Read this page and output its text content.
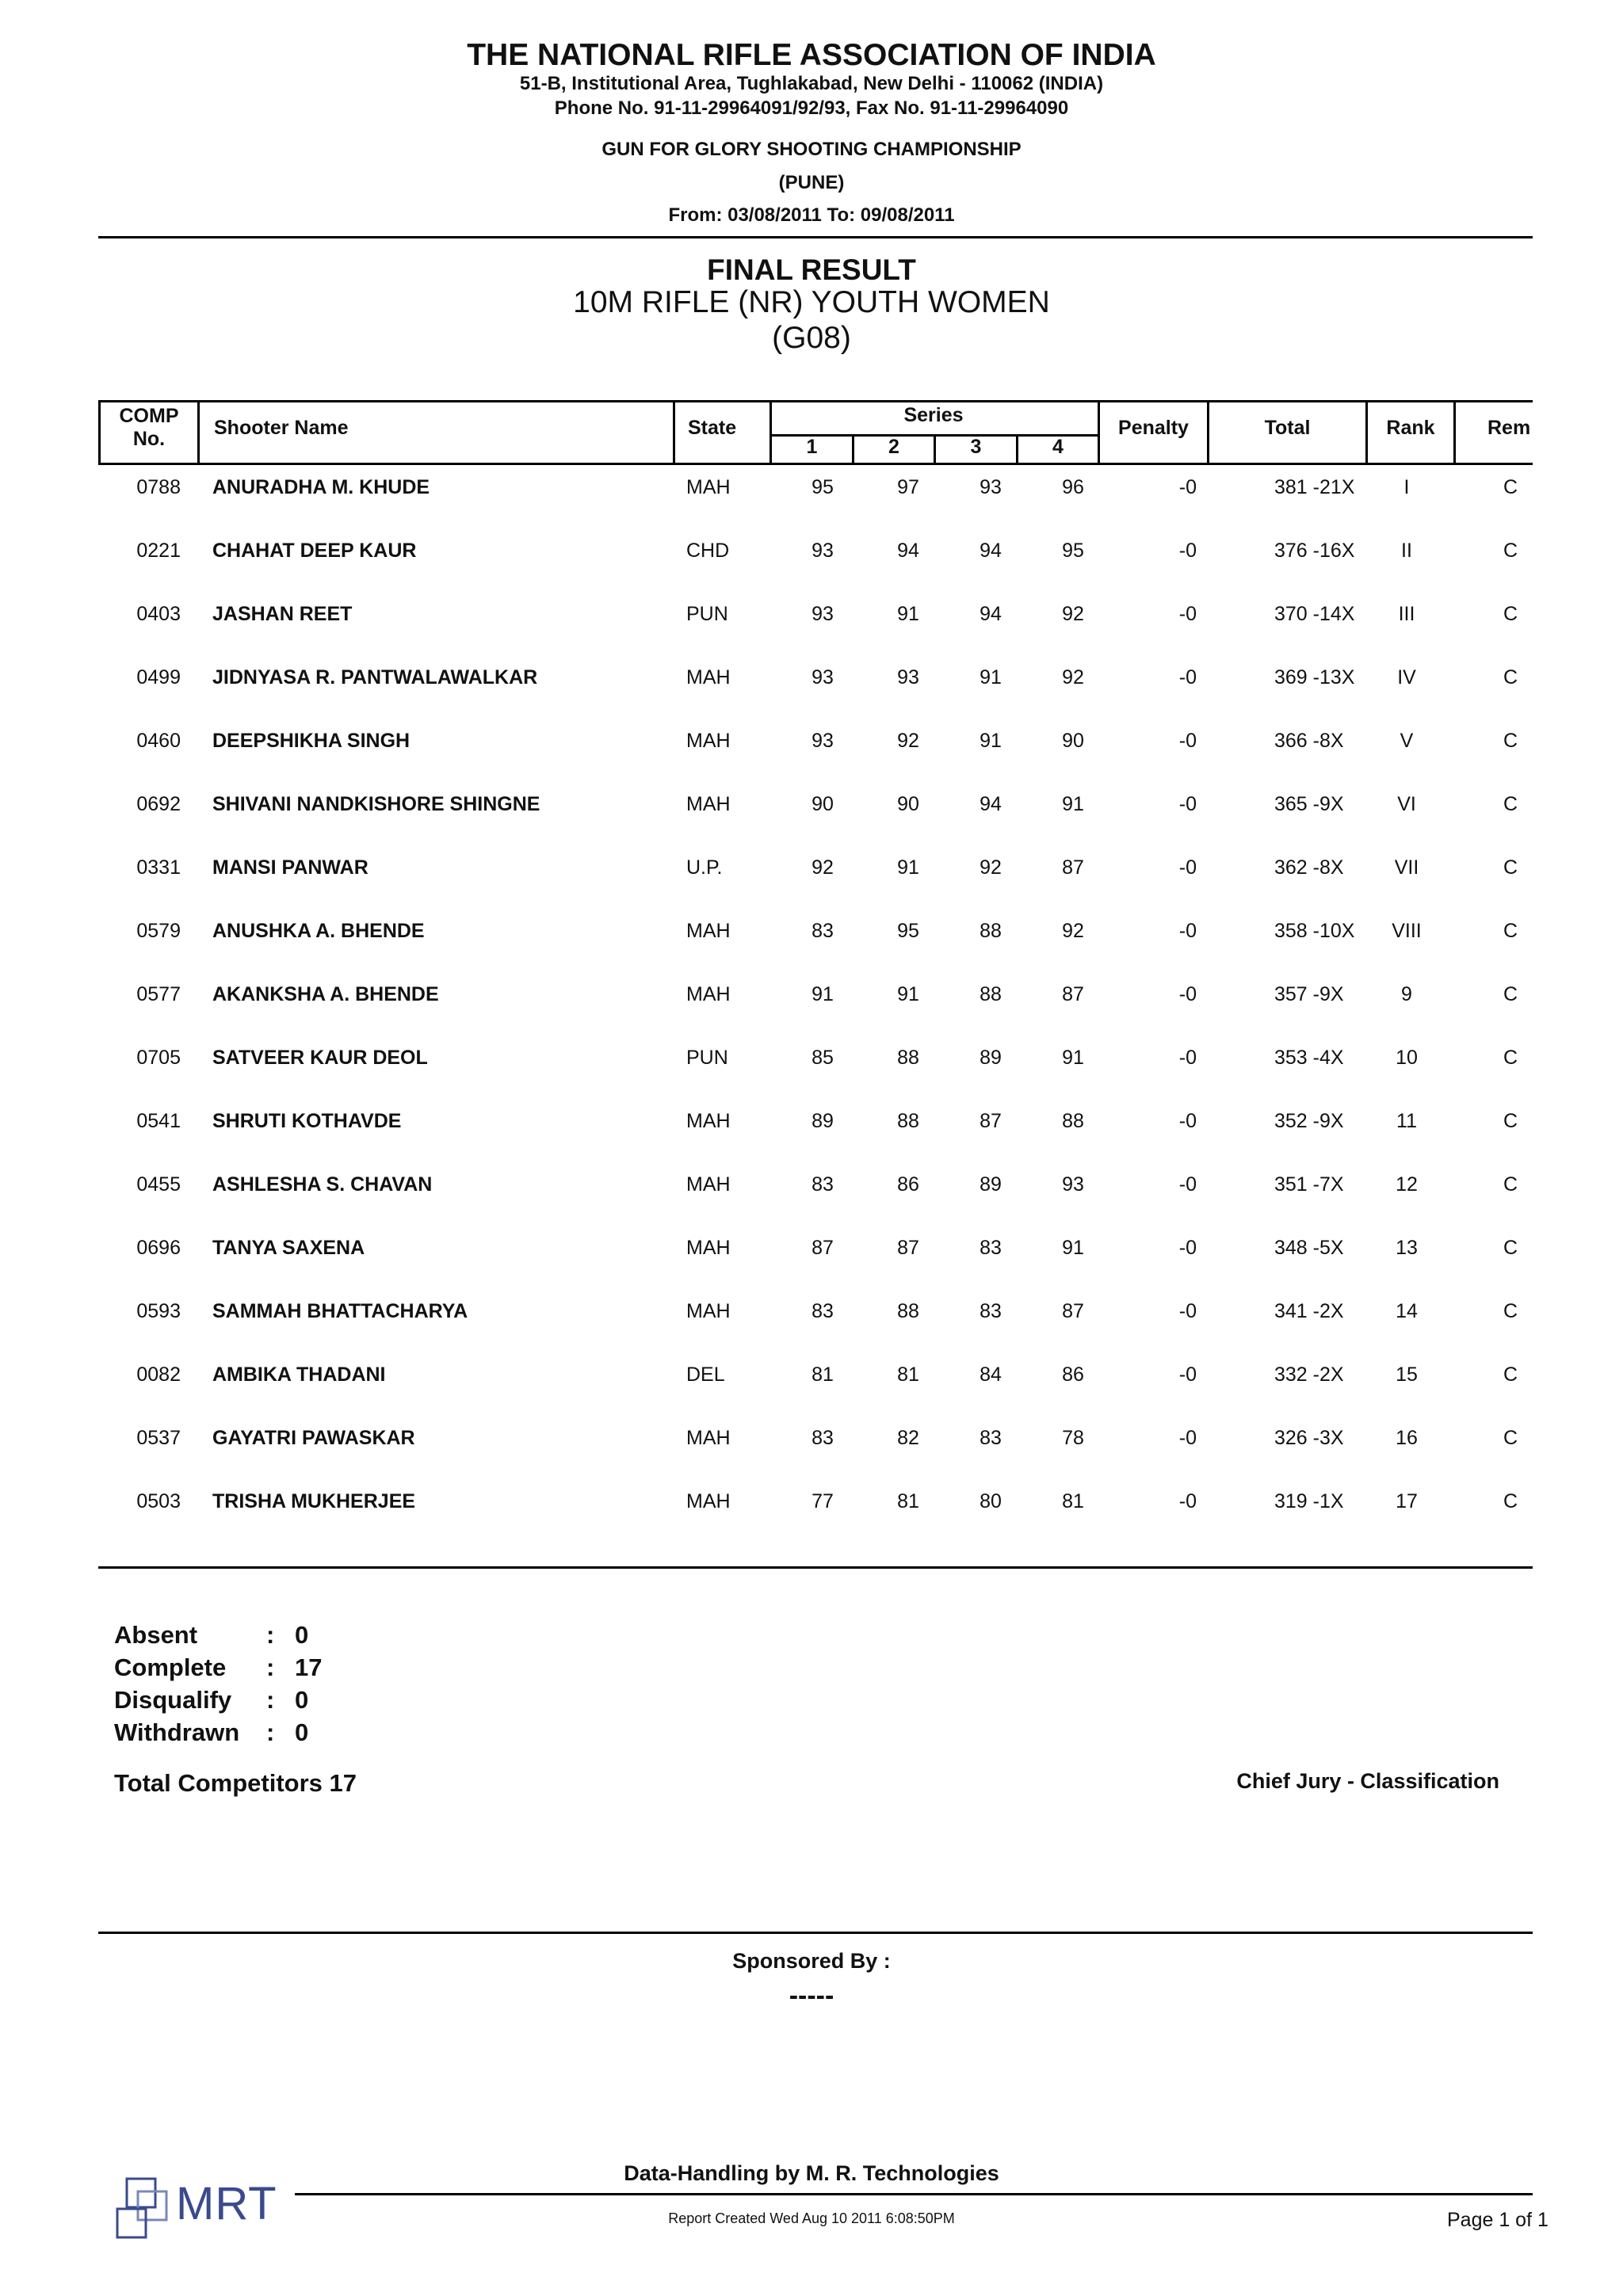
THE NATIONAL RIFLE ASSOCIATION OF INDIA
51-B, Institutional Area, Tughlakabad, New Delhi - 110062 (INDIA)
Phone No. 91-11-29964091/92/93, Fax No. 91-11-29964090
GUN FOR GLORY SHOOTING CHAMPIONSHIP
(PUNE)
From: 03/08/2011 To: 09/08/2011
FINAL RESULT
10M RIFLE (NR) YOUTH WOMEN
(G08)
COMP
No.	Shooter Name	State
Series
1	2	3	4
Penalty	Total	Rank	Rem
0788 ANURADHA M. KHUDE	MAH	95	97	93	96	-0	381 -21X	I	C
0221 CHAHAT DEEP KAUR	CHD	93	94	94	95	-0	376 -16X	II	C
0403 JASHAN REET	PUN	93	91	94	92	-0	370 -14X	III	C
0499 JIDNYASA R. PANTWALAWALKAR	MAH	93	93	91	92	-0	369 -13X	IV	C
0460 DEEPSHIKHA SINGH	MAH	93	92	91	90	-0	366 -8X	V	C
0692 SHIVANI NANDKISHORE SHINGNE	MAH	90	90	94	91	-0	365 -9X	VI	C
0331 MANSI PANWAR	U.P.	92	91	92	87	-0	362 -8X	VII	C
0579 ANUSHKA A. BHENDE	MAH	83	95	88	92	-0	358 -10X	VIII	C
0577 AKANKSHA A. BHENDE	MAH	91	91	88	87	-0	357 -9X	9	C
0705 SATVEER KAUR DEOL	PUN	85	88	89	91	-0	353 -4X	10	C
0541 SHRUTI KOTHAVDE	MAH	89	88	87	88	-0	352 -9X	11	C
0455 ASHLESHA S. CHAVAN	MAH	83	86	89	93	-0	351 -7X	12	C
0696 TANYA SAXENA	MAH	87	87	83	91	-0	348 -5X	13	C
0593 SAMMAH BHATTACHARYA	MAH	83	88	83	87	-0	341 -2X	14	C
0082 AMBIKA THADANI	DEL	81	81	84	86	-0	332 -2X	15	C
0537 GAYATRI PAWASKAR	MAH	83	82	83	78	-0	326 -3X	16	C
0503 TRISHA MUKHERJEE	MAH	77	81	80	81	-0	319 -1X	17	C
Absent	: 0
Complete : 17
Disqualify : 0
Withdrawn : 0
Total Competitors 17	Chief Jury - Classification
Sponsored By :
-----
Data-Handling by M. R. Technologies
Report Created Wed Aug 10 2011 6:08:50PM	Page 1 of 1
MRT
